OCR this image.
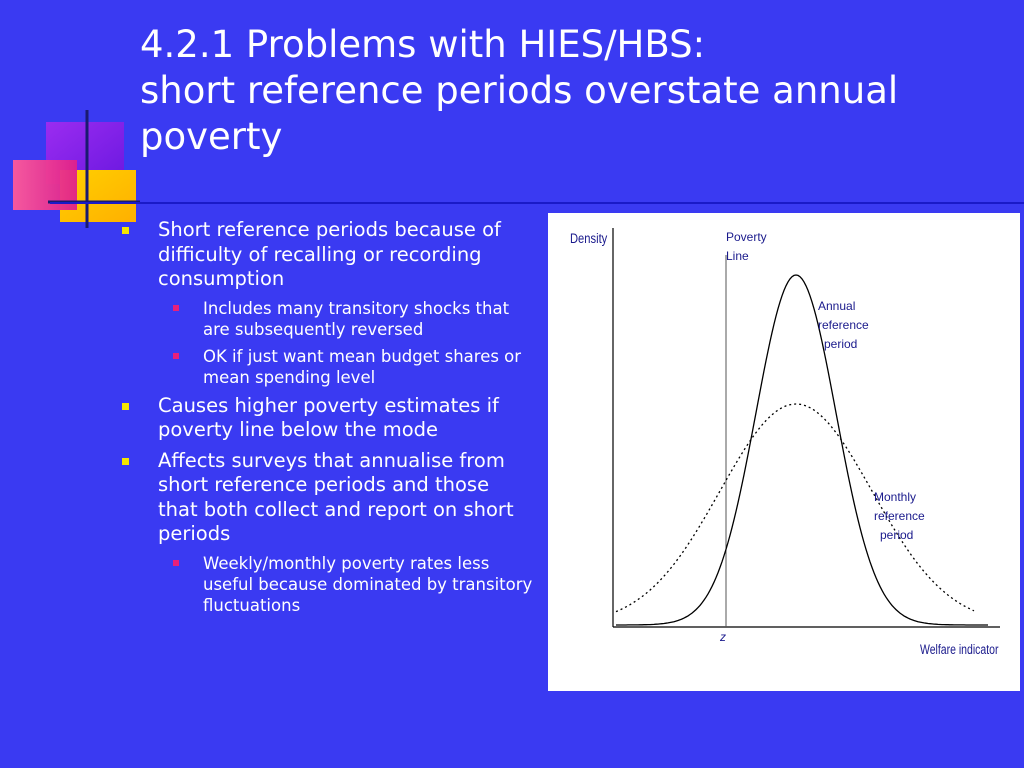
4.2.1 Problems with HIES/HBS:
short reference periods overstate annual
poverty
Short reference periods because of difficulty of recalling or recording consumption
Includes many transitory shocks that are subsequently reversed
OK if just want mean budget shares or mean spending level
Causes higher poverty estimates if poverty line below the mode
Affects surveys that annualise from short reference periods and those that both collect and report on short periods
Weekly/monthly poverty rates less useful because dominated by transitory fluctuations
Density
Welfare indicator
Poverty
Line
z
Annual
reference
period
Monthly
reference
period
